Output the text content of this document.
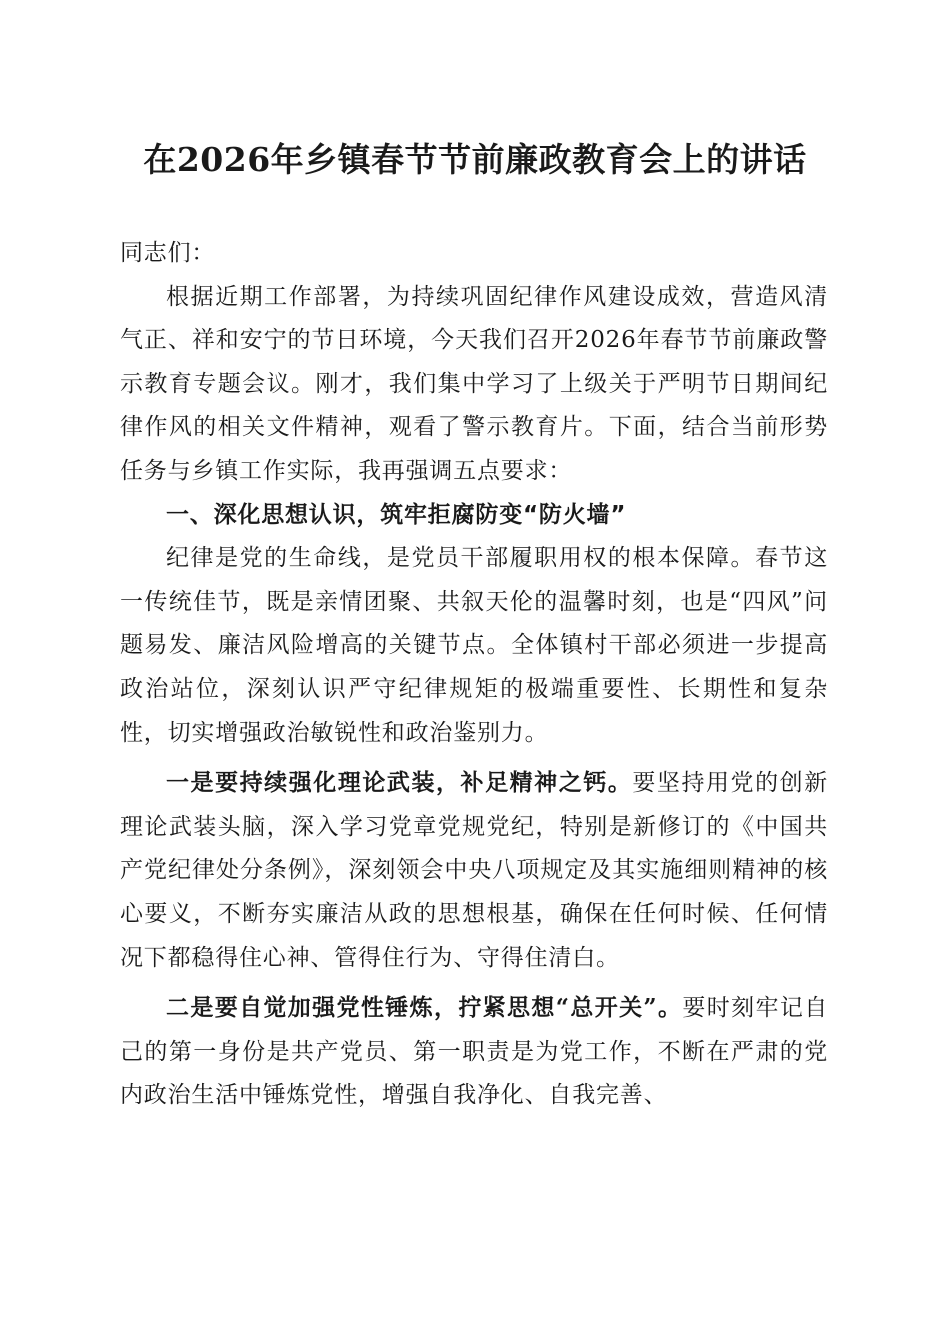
在2026年乡镇春节节前廉政教育会上的讲话

同志们：

根据近期工作部署，为持续巩固纪律作风建设成效，营造风清气正、祥和安宁的节日环境，今天我们召开2026年春节节前廉政警示教育专题会议。刚才，我们集中学习了上级关于严明节日期间纪律作风的相关文件精神，观看了警示教育片。下面，结合当前形势任务与乡镇工作实际，我再强调五点要求：

一、深化思想认识，筑牢拒腐防变“防火墙”

纪律是党的生命线，是党员干部履职用权的根本保障。春节这一传统佳节，既是亲情团聚、共叙天伦的温馨时刻，也是“四风”问题易发、廉洁风险增高的关键节点。全体镇村干部必须进一步提高政治站位，深刻认识严守纪律规矩的极端重要性、长期性和复杂性，切实增强政治敏锐性和政治鉴别力。

一是要持续强化理论武装，补足精神之钙。要坚持用党的创新理论武装头脑，深入学习党章党规党纪，特别是新修订的《中国共产党纪律处分条例》，深刻领会中央八项规定及其实施细则精神的核心要义，不断夯实廉洁从政的思想根基，确保在任何时候、任何情况下都稳得住心神、管得住行为、守得住清白。

二是要自觉加强党性锤炼，拧紧思想“总开关”。要时刻牢记自己的第一身份是共产党员、第一职责是为党工作，不断在严肃的党内政治生活中锤炼党性，增强自我净化、自我完善、
